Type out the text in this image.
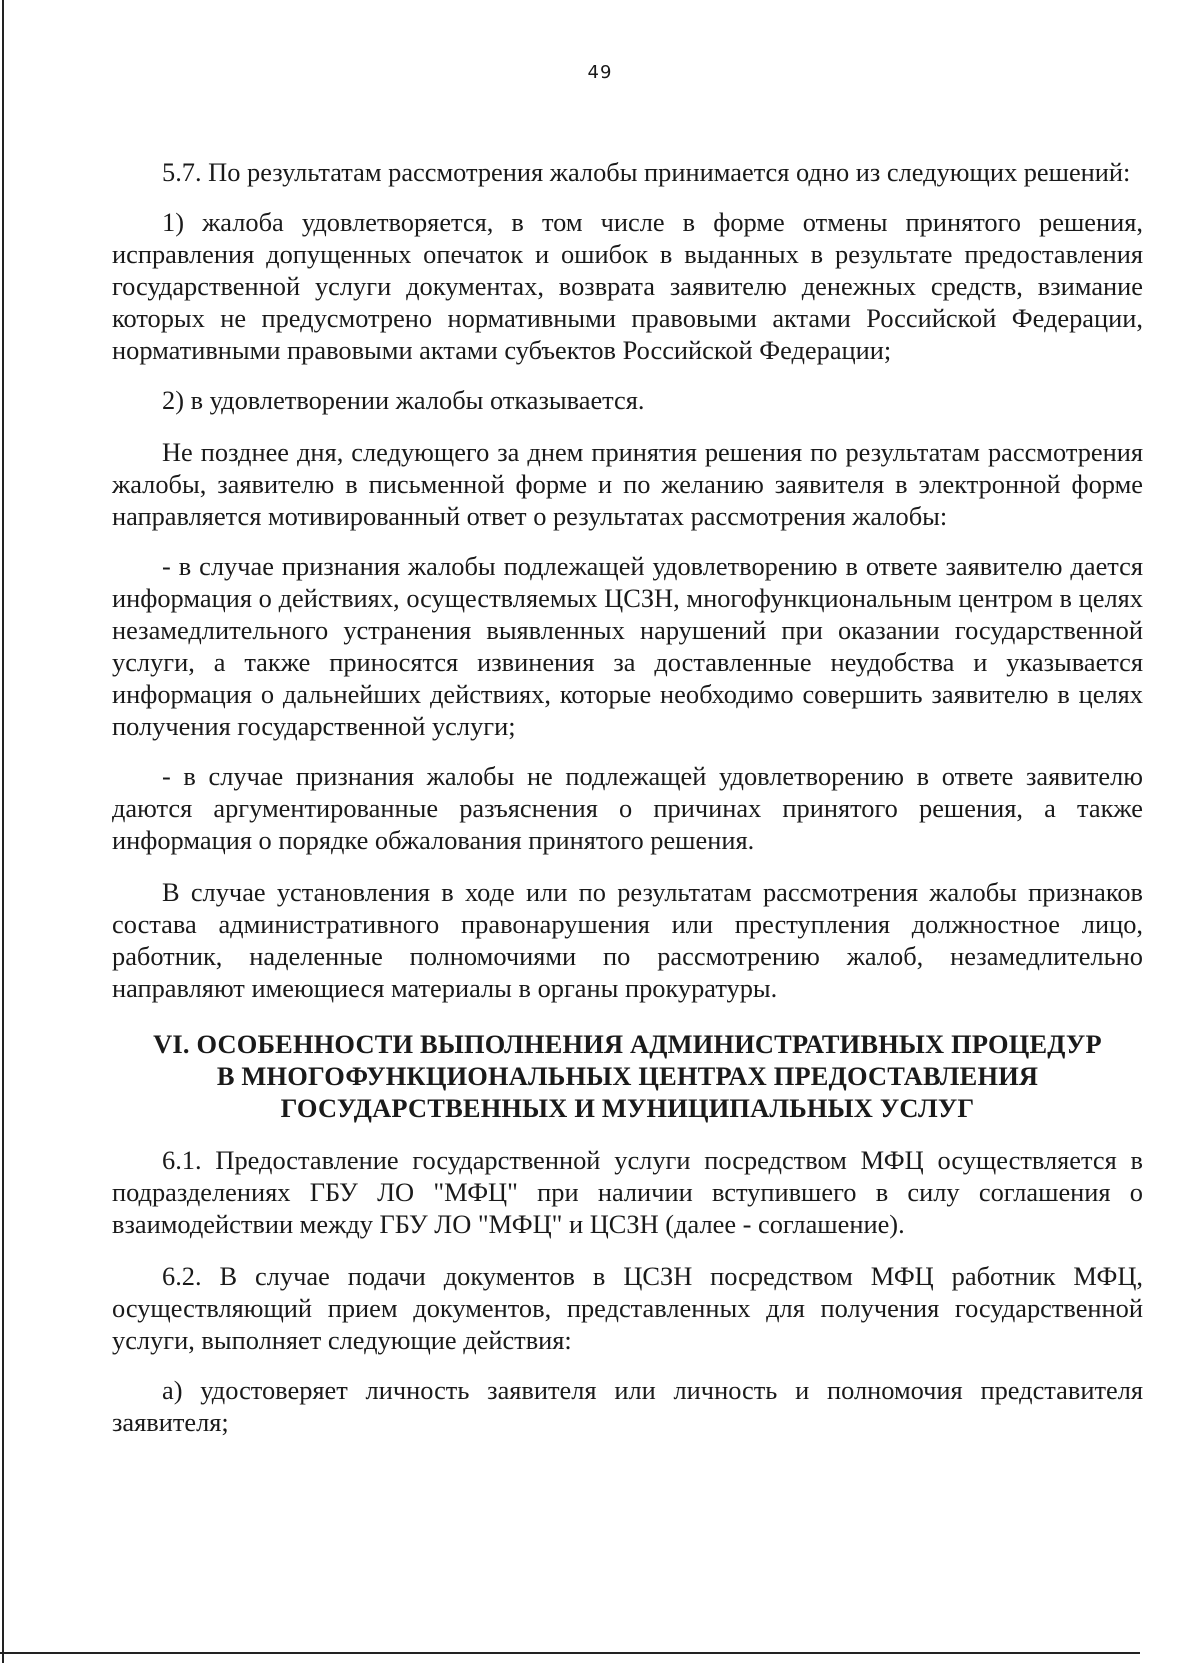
49

5.7. По результатам рассмотрения жалобы принимается одно из следующих решений:

1) жалоба удовлетворяется, в том числе в форме отмены принятого решения, исправления допущенных опечаток и ошибок в выданных в результате предоставления государственной услуги документах, возврата заявителю денежных средств, взимание которых не предусмотрено нормативными правовыми актами Российской Федерации, нормативными правовыми актами субъектов Российской Федерации;

2) в удовлетворении жалобы отказывается.

Не позднее дня, следующего за днем принятия решения по результатам рассмотрения жалобы, заявителю в письменной форме и по желанию заявителя в электронной форме направляется мотивированный ответ о результатах рассмотрения жалобы:

- в случае признания жалобы подлежащей удовлетворению в ответе заявителю дается информация о действиях, осуществляемых ЦСЗН, многофункциональным центром в целях незамедлительного устранения выявленных нарушений при оказании государственной услуги, а также приносятся извинения за доставленные неудобства и указывается информация о дальнейших действиях, которые необходимо совершить заявителю в целях получения государственной услуги;

- в случае признания жалобы не подлежащей удовлетворению в ответе заявителю даются аргументированные разъяснения о причинах принятого решения, а также информация о порядке обжалования принятого решения.

В случае установления в ходе или по результатам рассмотрения жалобы признаков состава административного правонарушения или преступления должностное лицо, работник, наделенные полномочиями по рассмотрению жалоб, незамедлительно направляют имеющиеся материалы в органы прокуратуры.

VI. ОСОБЕННОСТИ ВЫПОЛНЕНИЯ АДМИНИСТРАТИВНЫХ ПРОЦЕДУР
В МНОГОФУНКЦИОНАЛЬНЫХ ЦЕНТРАХ ПРЕДОСТАВЛЕНИЯ
ГОСУДАРСТВЕННЫХ И МУНИЦИПАЛЬНЫХ УСЛУГ

6.1. Предоставление государственной услуги посредством МФЦ осуществляется в подразделениях ГБУ ЛО "МФЦ" при наличии вступившего в силу соглашения о взаимодействии между ГБУ ЛО "МФЦ" и ЦСЗН (далее - соглашение).

6.2. В случае подачи документов в ЦСЗН посредством МФЦ работник МФЦ, осуществляющий прием документов, представленных для получения государственной услуги, выполняет следующие действия:

а) удостоверяет личность заявителя или личность и полномочия представителя заявителя;
